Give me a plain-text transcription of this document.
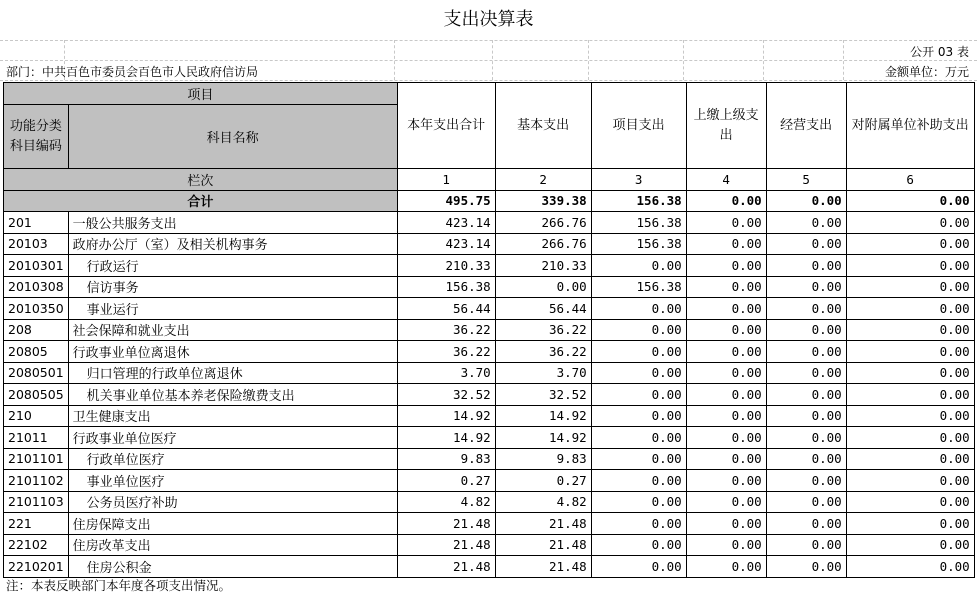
支出决算表
公开 03 表
部门：中共百色市委员会百色市人民政府信访局	金额单位：万元
项目		本年支出合计	基本支出	项目支出	上缴上级支出	经营支出	对附属单位补助支出
功能分类科目编码	科目名称						
栏次		1	2	3	4	5	6
合计		495.75	339.38	156.38	0.00	0.00	0.00
201	一般公共服务支出	423.14	266.76	156.38	0.00	0.00	0.00
20103	政府办公厅（室）及相关机构事务	423.14	266.76	156.38	0.00	0.00	0.00
2010301	行政运行	210.33	210.33	0.00	0.00	0.00	0.00
2010308	信访事务	156.38	0.00	156.38	0.00	0.00	0.00
2010350	事业运行	56.44	56.44	0.00	0.00	0.00	0.00
208	社会保障和就业支出	36.22	36.22	0.00	0.00	0.00	0.00
20805	行政事业单位离退休	36.22	36.22	0.00	0.00	0.00	0.00
2080501	归口管理的行政单位离退休	3.70	3.70	0.00	0.00	0.00	0.00
2080505	机关事业单位基本养老保险缴费支出	32.52	32.52	0.00	0.00	0.00	0.00
210	卫生健康支出	14.92	14.92	0.00	0.00	0.00	0.00
21011	行政事业单位医疗	14.92	14.92	0.00	0.00	0.00	0.00
2101101	行政单位医疗	9.83	9.83	0.00	0.00	0.00	0.00
2101102	事业单位医疗	0.27	0.27	0.00	0.00	0.00	0.00
2101103	公务员医疗补助	4.82	4.82	0.00	0.00	0.00	0.00
221	住房保障支出	21.48	21.48	0.00	0.00	0.00	0.00
22102	住房改革支出	21.48	21.48	0.00	0.00	0.00	0.00
2210201	住房公积金	21.48	21.48	0.00	0.00	0.00	0.00
注：本表反映部门本年度各项支出情况。
